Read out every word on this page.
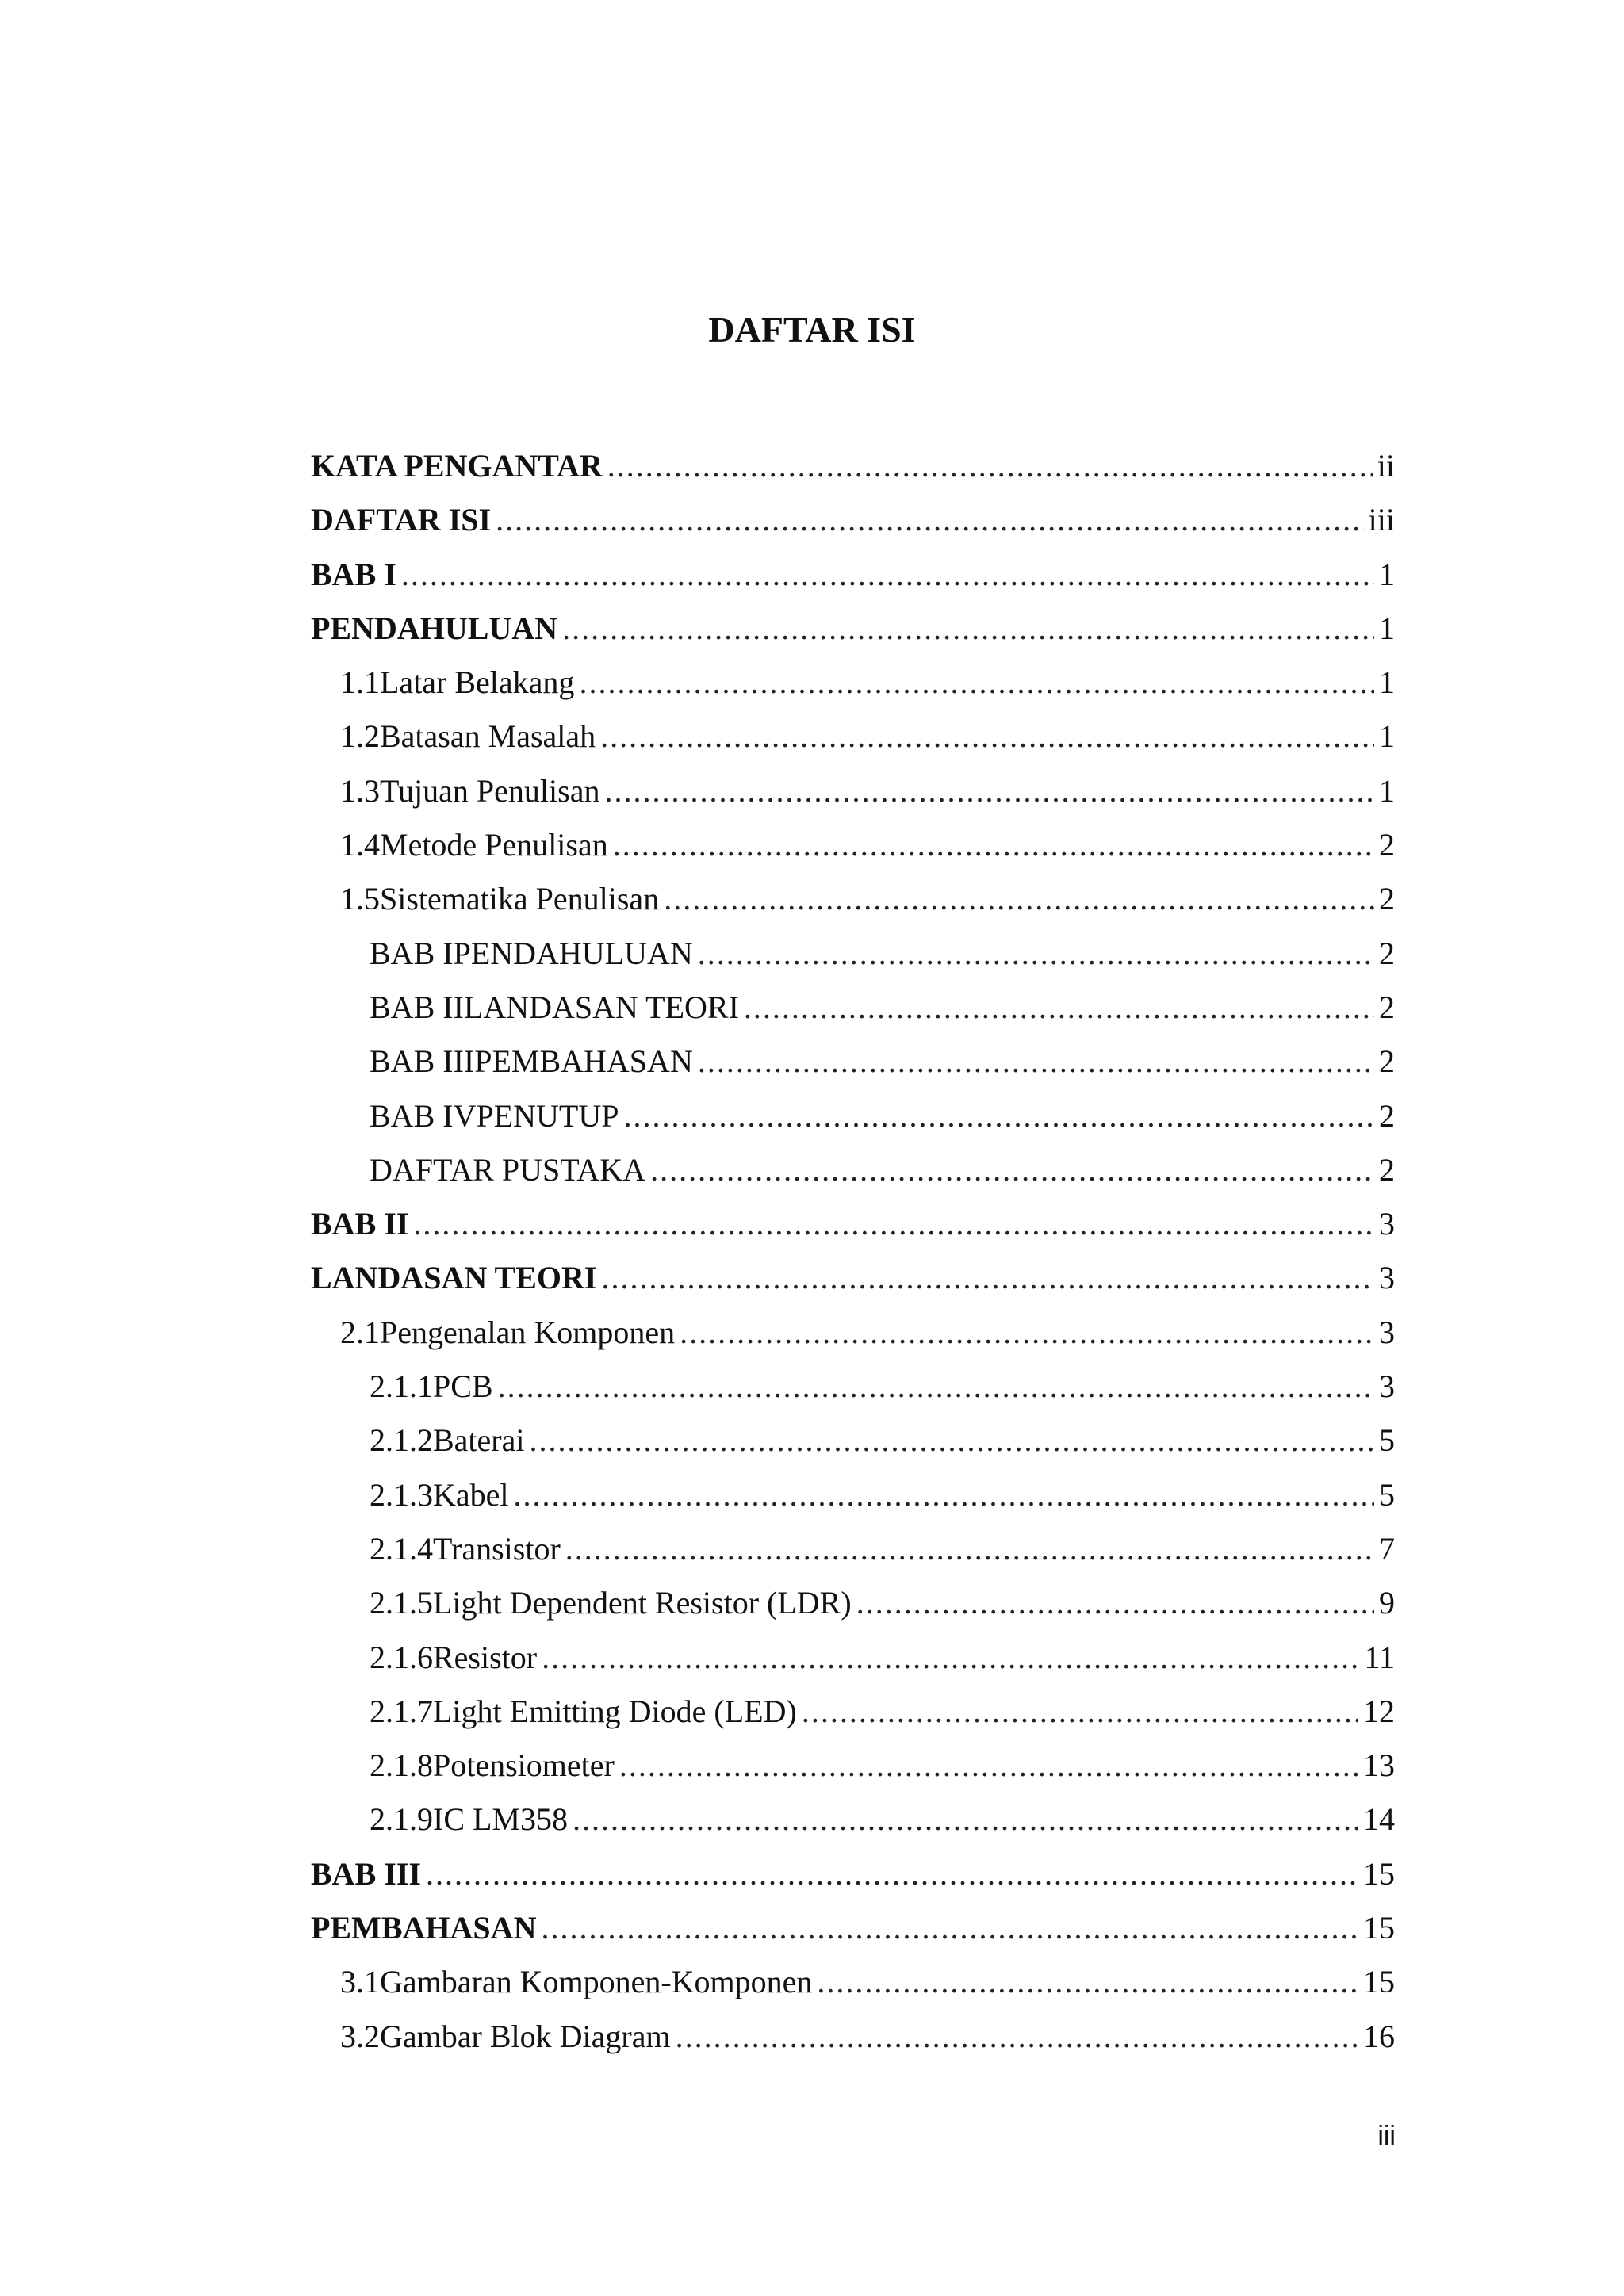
DAFTAR ISI
KATA PENGANTAR .....	ii
DAFTAR ISI .....	iii
BAB I .....	1
PENDAHULUAN .....	1
1.1 Latar Belakang .....	1
1.2 Batasan Masalah .....	1
1.3 Tujuan Penulisan .....	1
1.4 Metode Penulisan .....	2
1.5 Sistematika Penulisan .....	2
BAB I PENDAHULUAN .....	2
BAB II LANDASAN TEORI .....	2
BAB III PEMBAHASAN .....	2
BAB IV PENUTUP .....	2
DAFTAR PUSTAKA .....	2
BAB II .....	3
LANDASAN TEORI .....	3
2.1 Pengenalan Komponen .....	3
2.1.1 PCB .....	3
2.1.2 Baterai .....	5
2.1.3 Kabel .....	5
2.1.4 Transistor .....	7
2.1.5 Light Dependent Resistor (LDR) .....	9
2.1.6 Resistor .....	11
2.1.7 Light Emitting Diode (LED) .....	12
2.1.8 Potensiometer .....	13
2.1.9 IC LM358 .....	14
BAB III .....	15
PEMBAHASAN .....	15
3.1 Gambaran Komponen-Komponen .....	15
3.2 Gambar Blok Diagram .....	16

iii
